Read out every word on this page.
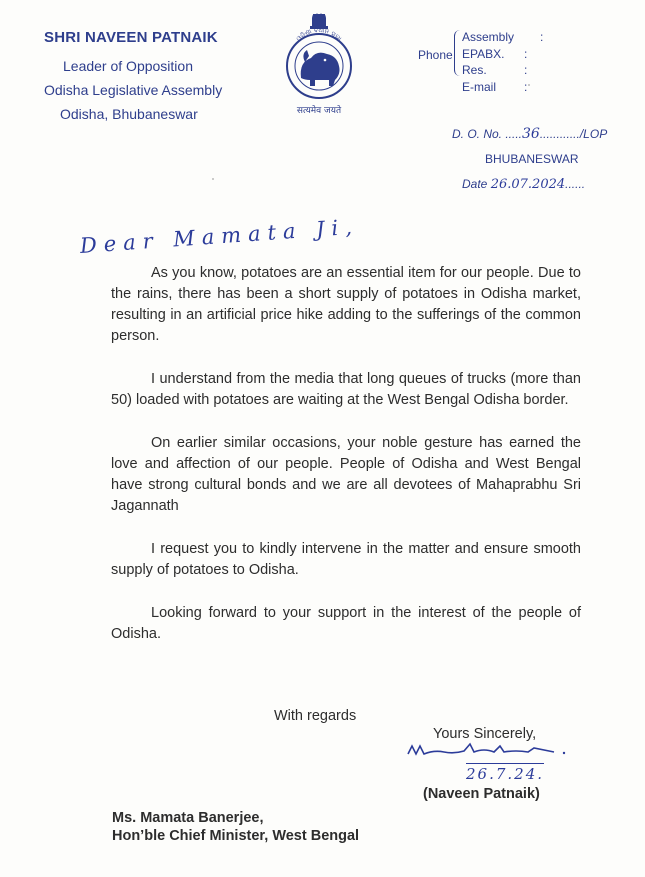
SHRI NAVEEN PATNAIK
Leader of Opposition
Odisha Legislative Assembly
Odisha, Bhubaneswar
ଓଡ଼ିଶା ବିଧାନ ସଭା
सत्यमेव जयते
Phone
Assembly :
EPABX. :
Res.	:
E-mail :
D. O. No. .....36............/LOP
BHUBANESWAR
Date 26.07.2024......
Dear Mamata Ji,

As you know, potatoes are an essential item for our people. Due to the rains, there has been a short supply of potatoes in Odisha market, resulting in an artificial price hike adding to the sufferings of the common person.

I understand from the media that long queues of trucks (more than 50) loaded with potatoes are waiting at the West Bengal Odisha border.

On earlier similar occasions, your noble gesture has earned the love and affection of our people. People of Odisha and West Bengal have strong cultural bonds and we are all devotees of Mahaprabhu Sri Jagannath

I request you to kindly intervene in the matter and ensure smooth supply of potatoes to Odisha.

Looking forward to your support in the interest of the people of Odisha.

With regards
Yours Sincerely,
26.7.24.
(Naveen Patnaik)
Ms. Mamata Banerjee,
Hon’ble Chief Minister, West Bengal
